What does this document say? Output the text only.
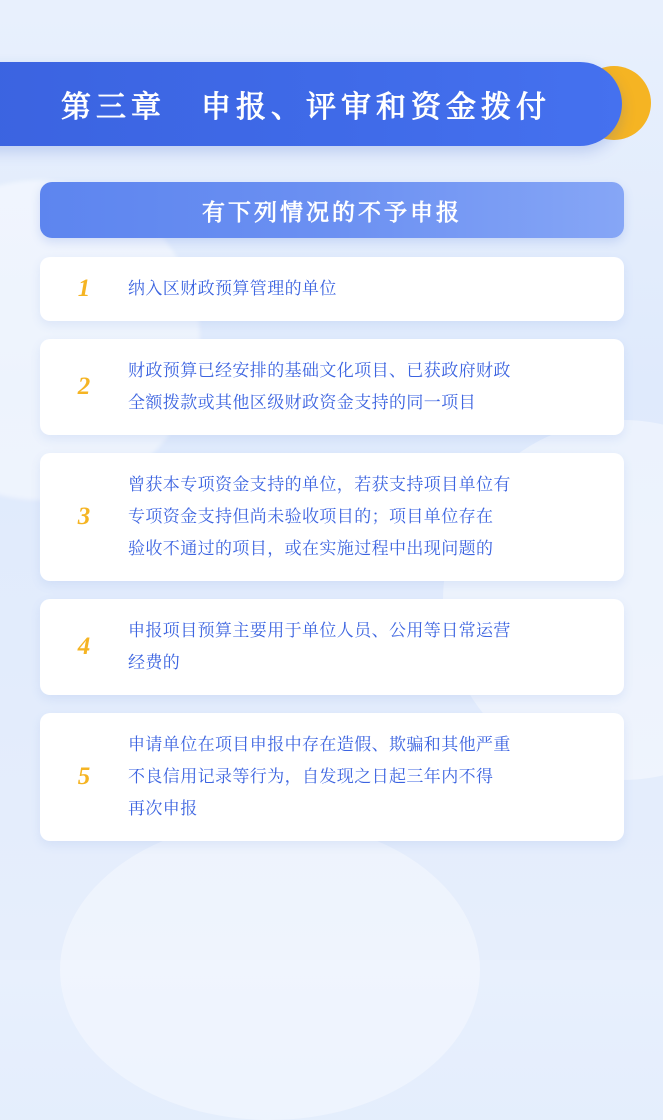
第三章　申报、评审和资金拨付
有下列情况的不予申报
1	纳入区财政预算管理的单位
2
财政预算已经安排的基础文化项目、已获政府财政
全额拨款或其他区级财政资金支持的同一项目
3
曾获本专项资金支持的单位，若获支持项目单位有
专项资金支持但尚未验收项目的；项目单位存在
验收不通过的项目，或在实施过程中出现问题的
4
申报项目预算主要用于单位人员、公用等日常运营
经费的
5
申请单位在项目申报中存在造假、欺骗和其他严重
不良信用记录等行为，自发现之日起三年内不得
再次申报
